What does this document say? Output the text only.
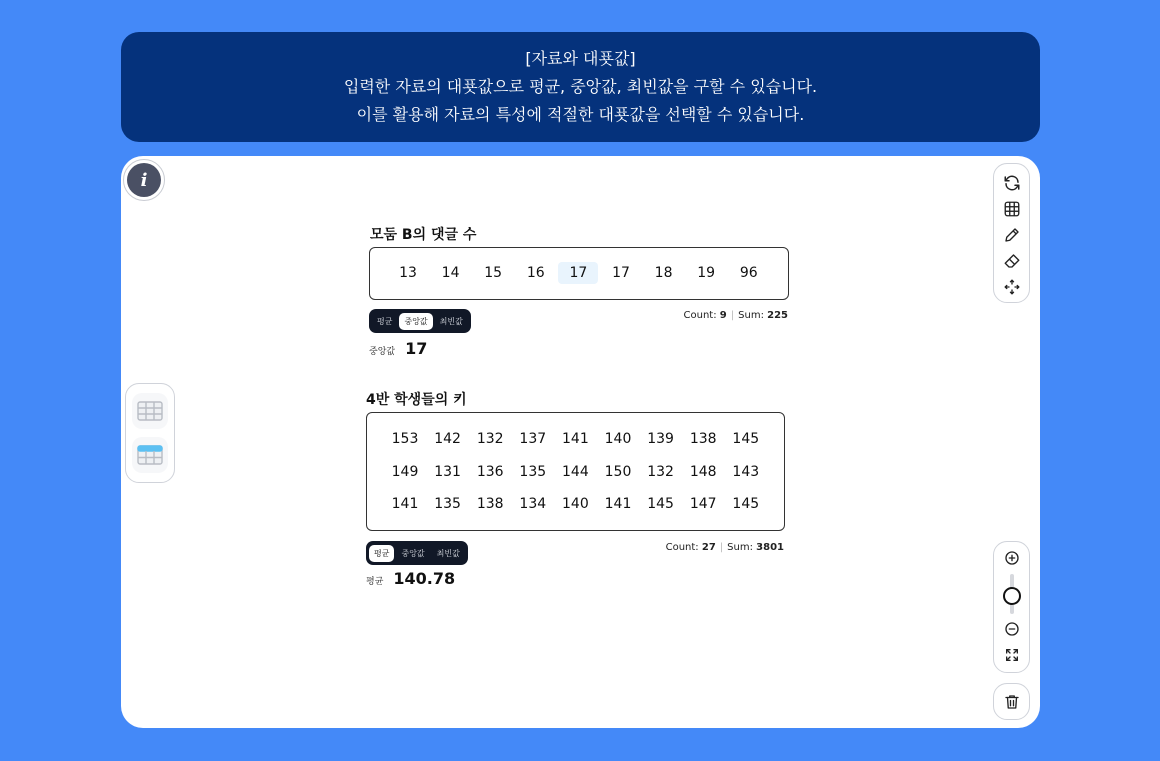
[자료와 대푯값]
입력한 자료의 대푯값으로 평균, 중앙값, 최빈값을 구할 수 있습니다.
이를 활용해 자료의 특성에 적절한 대푯값을 선택할 수 있습니다.
i
모둠 B의 댓글 수
13	14	15	16	17	17	18	19	96
평균	중앙값	최빈값	Count: 9 | Sum: 225
중앙값 17
4반 학생들의 키
153	142	132	137	141	140	139	138	145
149	131	136	135	144	150	132	148	143
141	135	138	134	140	141	145	147	145
평균	중앙값	최빈값	Count: 27 | Sum: 3801
평균 140.78
